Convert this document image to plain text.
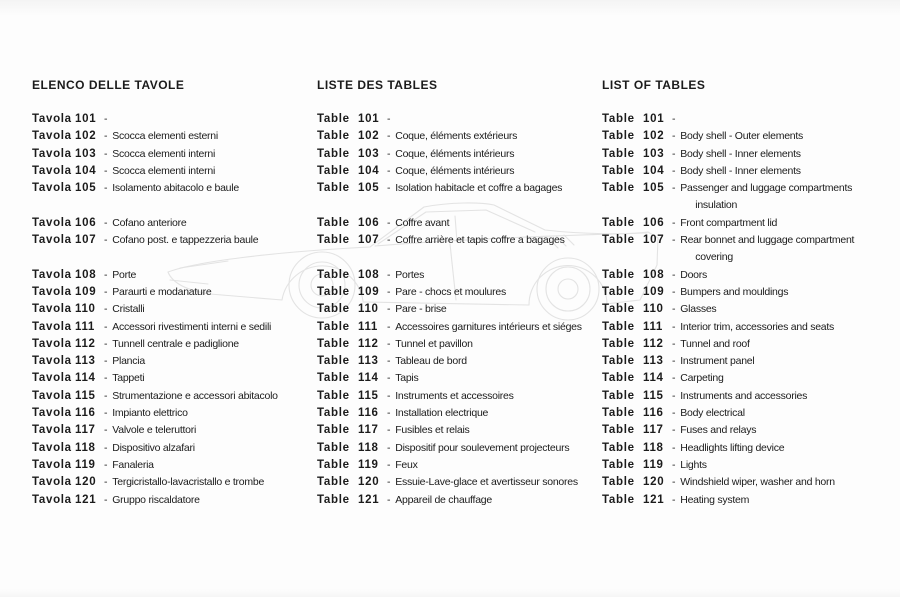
ELENCO DELLE TAVOLE
Tavola 101 -
Tavola 102 - Scocca elementi esterni
Tavola 103 - Scocca elementi interni
Tavola 104 - Scocca elementi interni
Tavola 105 - Isolamento abitacolo e baule
Tavola 106 - Cofano anteriore
Tavola 107 - Cofano post. e tappezzeria baule
Tavola 108 - Porte
Tavola 109 - Paraurti e modanature
Tavola 110 - Cristalli
Tavola 111 - Accessori rivestimenti interni e sedili
Tavola 112 - Tunnell centrale e padiglione
Tavola 113 - Plancia
Tavola 114 - Tappeti
Tavola 115 - Strumentazione e accessori abitacolo
Tavola 116 - Impianto elettrico
Tavola 117 - Valvole e teleruttori
Tavola 118 - Dispositivo alzafari
Tavola 119 - Fanaleria
Tavola 120 - Tergicristallo-lavacristallo e trombe
Tavola 121 - Gruppo riscaldatore
LISTE DES TABLES
Table 101 -
Table 102 - Coque, éléments extérieurs
Table 103 - Coque, éléments intérieurs
Table 104 - Coque, éléments intérieurs
Table 105 - Isolation habitacle et coffre a bagages
Table 106 - Coffre avant
Table 107 - Coffre arrière et tapis coffre a bagages
Table 108 - Portes
Table 109 - Pare - chocs et moulures
Table 110 - Pare - brise
Table 111 - Accessoires garnitures intérieurs et siéges
Table 112 - Tunnel et pavillon
Table 113 - Tableau de bord
Table 114 - Tapis
Table 115 - Instruments et accessoires
Table 116 - Installation electrique
Table 117 - Fusibles et relais
Table 118 - Dispositif pour soulevement projecteurs
Table 119 - Feux
Table 120 - Essuie-Lave-glace et avertisseur sonores
Table 121 - Appareil de chauffage
LIST OF TABLES
Table 101 -
Table 102 - Body shell - Outer elements
Table 103 - Body shell - Inner elements
Table 104 - Body shell - Inner elements
Table 105 - Passenger and luggage compartments
insulation
Table 106 - Front compartment lid
Table 107 - Rear bonnet and luggage compartment
covering
Table 108 - Doors
Table 109 - Bumpers and mouldings
Table 110 - Glasses
Table 111 - Interior trim, accessories and seats
Table 112 - Tunnel and roof
Table 113 - Instrument panel
Table 114 - Carpeting
Table 115 - Instruments and accessories
Table 116 - Body electrical
Table 117 - Fuses and relays
Table 118 - Headlights lifting device
Table 119 - Lights
Table 120 - Windshield wiper, washer and horn
Table 121 - Heating system
